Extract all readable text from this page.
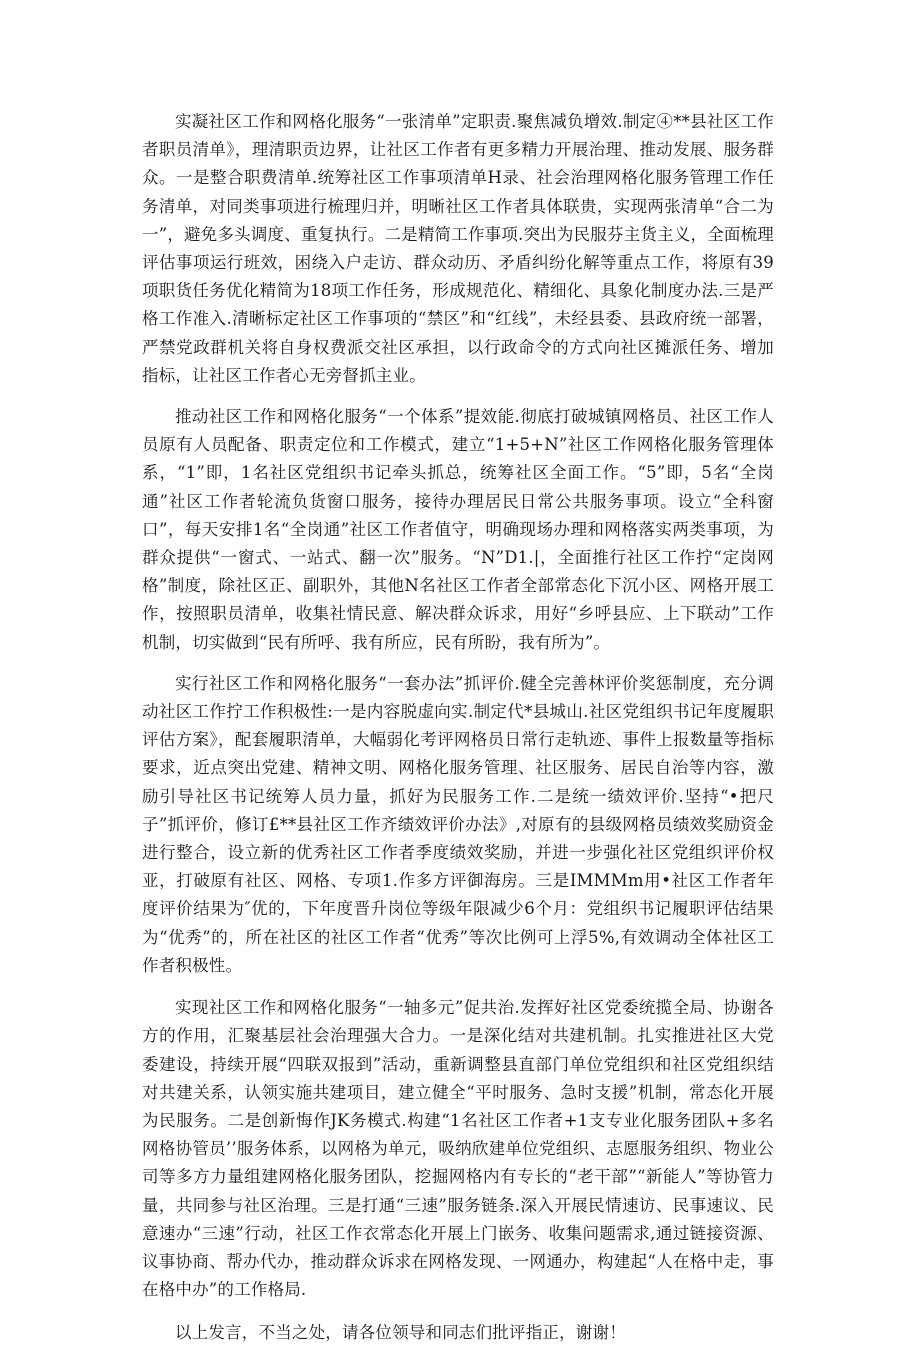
实凝社区工作和网格化服务“一张清单”定职责.聚焦减负增效.制定④**县社区工作者职员清单》，理清职贡边界，让社区工作者有更多精力开展治理、推动发展、服务群众。一是整合职费清单.统筹社区工作事项清单H录、社会治理网格化服务管理工作任务清单，对同类事项进行梳理归并，明晰社区工作者具体联贵，实现两张清单“合二为一”，避免多头调度、重复执行。二是精简工作事项.突出为民服芬主货主义，全面梳理评估事项运行班效，困绕入户走访、群众动历、矛盾纠纷化解等重点工作，将原有39项职货任务优化精简为18项工作任务，形成规范化、精细化、具象化制度办法.三是严格工作准入.清晰标定社区工作事项的“禁区”和“红线”，未经县委、县政府统一部署，严禁党政群机关将自身权费派交社区承担，以行政命令的方式向社区摊派任务、增加指标，让社区工作者心无旁督抓主业。

推动社区工作和网格化服务“一个体系”提效能.彻底打破城镇网格员、社区工作人员原有人员配备、职责定位和工作模式，建立“1+5+N”社区工作网格化服务管理体系，“1”即，1名社区党组织书记牵头抓总，统筹社区全面工作。“5”即，5名“全岗通”社区工作者轮流负货窗口服务，接待办理居民日常公共服务事项。设立“全科窗口”，每天安排1名“全岗通”社区工作者值守，明确现场办理和网格落实两类事项，为群众提供“一窗式、一站式、翻一次”服务。“N”D1.|，全面推行社区工作拧“定岗网格”制度，除社区正、副职外，其他N名社区工作者全部常态化下沉小区、网格开展工作，按照职员清单，收集社情民意、解决群众诉求，用好“乡呼县应、上下联动”工作机制，切实做到“民有所呼、我有所应，民有所盼，我有所为”。

实行社区工作和网格化服务“一套办法”抓评价.健全完善林评价奖惩制度，充分调动社区工作拧工作积极性:一是内容脱虚向实.制定代*县城山.社区党组织书记年度履职评估方案》，配套履职清单，大幅弱化考评网格员日常行走轨迹、事件上报数量等指标要求，近点突出党建、精神文明、网格化服务管理、社区服务、居民自治等内容，激励引导社区书记统筹人员力量，抓好为民服务工作.二是统一绩效评价.坚持“•把尺子”抓评价，修订£**县社区工作齐绩效评价办法》,对原有的县级网格员绩效奖励资金进行整合，设立新的优秀社区工作者季度绩效奖励，并进一步强化社区党组织评价权亚，打破原有社区、网格、专项1.作多方评御海房。三是IMMMm用•社区工作者年度评价结果为″优的，下年度晋升岗位等级年限减少6个月：党组织书记履职评估结果为“优秀”的，所在社区的社区工作者“优秀”等次比例可上浮5%,有效调动全体社区工作者积极性。

实现社区工作和网格化服务“一轴多元”促共治.发挥好社区党委统揽全局、协谢各方的作用，汇聚基层社会治理强大合力。一是深化结对共建机制。扎实推进社区大党委建设，持续开展“四联双报到”活动，重新调整县直部门单位党组织和社区党组织结对共建关系，认领实施共建项目，建立健全“平时服务、急时支援”机制，常态化开展为民服务。二是创新悔作JK务模式.构建“1名社区工作者+1支专业化服务团队+多名网格协管员’’服务体系，以网格为单元，吸纳欣建单位党组织、志愿服务组织、物业公司等多方力量组建网格化服务团队，挖掘网格内有专长的“老干部”“新能人”等协管力量，共同参与社区治理。三是打通“三速”服务链条.深入开展民情速访、民事速议、民意速办“三速”行动，社区工作衣常态化开展上门嵌务、收集问题需求,通过链接资源、议事协商、帮办代办，推动群众诉求在网格发现、一网通办，构建起“人在格中走，事在格中办”的工作格局.

以上发言，不当之处，请各位领导和同志们批评指正，谢谢！
